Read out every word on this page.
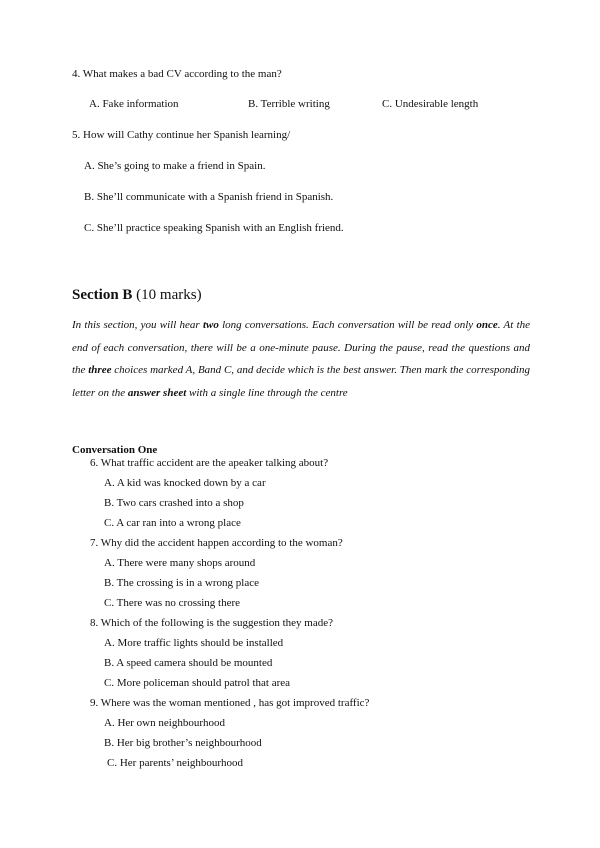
4. What makes a bad CV according to the man?
A. Fake information	B. Terrible writing	C. Undesirable length
5. How will Cathy continue her Spanish learning/
A. She’s going to make a friend in Spain.
B. She’ll communicate with a Spanish friend in Spanish.
C. She’ll practice speaking Spanish with an English friend.
Section B (10 marks)
In this section, you will hear two long conversations. Each conversation will be read only once. At the end of each conversation, there will be a one-minute pause. During the pause, read the questions and the three choices marked A, Band C, and decide which is the best answer. Then mark the corresponding letter on the answer sheet with a single line through the centre
Conversation One
6. What traffic accident are the apeaker talking about?
A. A kid was knocked down by a car
B. Two cars crashed into a shop
C. A car ran into a wrong place
7. Why did the accident happen according to the woman?
A. There were many shops around
B. The crossing is in a wrong place
C. There was no crossing there
8. Which of the following is the suggestion they made?
A. More traffic lights should be installed
B. A speed camera should be mounted
C. More policeman should patrol that area
9. Where was the woman mentioned , has got improved traffic?
A. Her own neighbourhood
B. Her big brother’s neighbourhood
C. Her parents’ neighbourhood
